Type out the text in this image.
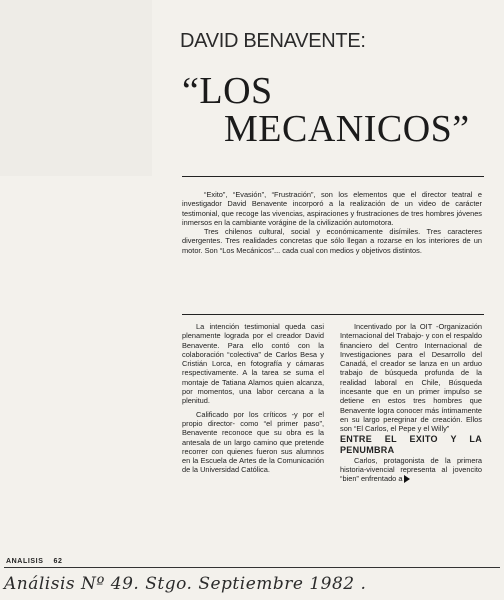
DAVID BENAVENTE:
“LOS
MECANICOS”

“Exito”, “Evasión”, “Frustración”, son los elementos que el director teatral e investigador David Benavente incorporó a la realización de un video de carácter testimonial, que recoge las vivencias, aspiraciones y frustraciones de tres hombres jóvenes inmersos en la cambiante vorágine de la civilización automotora.

Tres chilenos cultural, social y económicamente disímiles. Tres caracteres divergentes. Tres realidades concretas que sólo llegan a rozarse en los interiores de un motor. Son “Los Mecánicos”... cada cual con medios y objetivos distintos.

La intención testimonial queda casi plenamente lograda por el creador David Benavente. Para ello contó con la colaboración “colectiva” de Carlos Besa y Cristián Lorca, en fotografía y cámaras respectivamente. A la tarea se suma el montaje de Tatiana Alamos quien alcanza, por momentos, una labor cercana a la plenitud.

Calificado por los críticos -y por el propio director- como “el primer paso”, Benavente reconoce que su obra es la antesala de un largo camino que pretende recorrer con quienes fueron sus alumnos en la Escuela de Artes de la Comunicación de la Universidad Católica.

Incentivado por la OIT -Organización Internacional del Trabajo- y con el respaldo financiero del Centro Internacional de Investigaciones para el Desarrollo del Canadá, el creador se lanza en un arduo trabajo de búsqueda profunda de la realidad laboral en Chile, Búsqueda incesante que en un primer impulso se detiene en estos tres hombres que Benavente logra conocer más íntimamente en su largo peregrinar de creación. Ellos son “El Carlos, el Pepe y el Willy”

ENTRE EL EXITO Y LA PENUMBRA

Carlos, protagonista de la primera historia-vivencial representa al jovencito “bien” enfrentado a

ANALISIS 62
Análisis Nº 49. Stgo. Septiembre 1982 .
